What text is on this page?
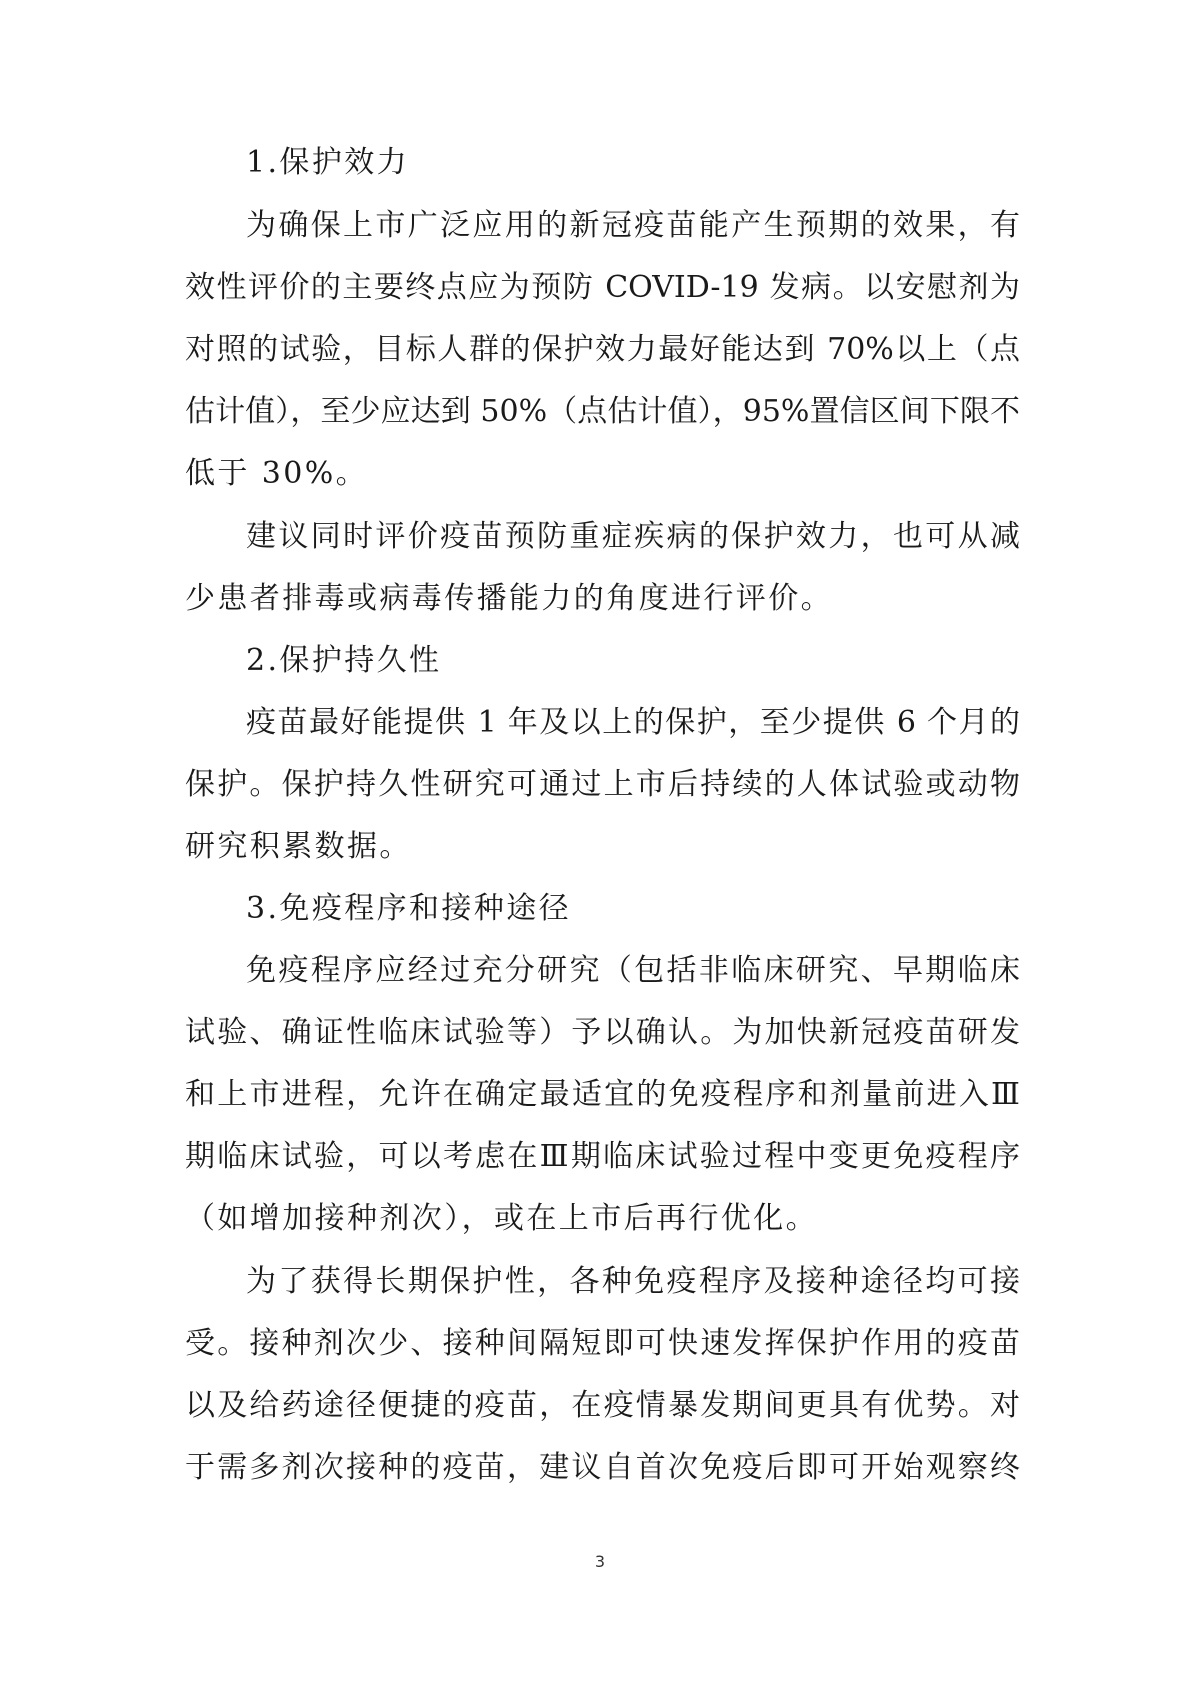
1.保护效力
为确保上市广泛应用的新冠疫苗能产生预期的效果，有
效性评价的主要终点应为预防 COVID-19 发病。以安慰剂为
对照的试验，目标人群的保护效力最好能达到 70%以上（点
估计值），至少应达到 50%（点估计值），95%置信区间下限不
低于 30%。
建议同时评价疫苗预防重症疾病的保护效力，也可从减
少患者排毒或病毒传播能力的角度进行评价。
2.保护持久性
疫苗最好能提供 1 年及以上的保护，至少提供 6 个月的
保护。保护持久性研究可通过上市后持续的人体试验或动物
研究积累数据。
3.免疫程序和接种途径
免疫程序应经过充分研究（包括非临床研究、早期临床
试验、确证性临床试验等）予以确认。为加快新冠疫苗研发
和上市进程，允许在确定最适宜的免疫程序和剂量前进入Ⅲ
期临床试验，可以考虑在Ⅲ期临床试验过程中变更免疫程序
（如增加接种剂次），或在上市后再行优化。
为了获得长期保护性，各种免疫程序及接种途径均可接
受。接种剂次少、接种间隔短即可快速发挥保护作用的疫苗
以及给药途径便捷的疫苗，在疫情暴发期间更具有优势。对
于需多剂次接种的疫苗，建议自首次免疫后即可开始观察终
3
